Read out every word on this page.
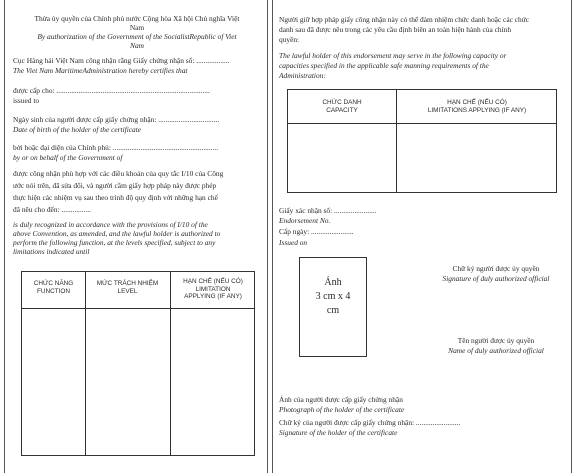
Thừa ủy quyền của Chính phủ nước Cộng hòa Xã hội Chủ nghĩa Việt
Nam
By authorization of the Government of the SocialistRepublic of Viet
Nam
Cục Hàng hải Việt Nam công nhận rằng Giấy chứng nhận số: ..................
The Viet Nam MaritimeAdministration hereby certifies that
được cấp cho: ...................................................................................
issued to
Ngày sinh của người được cấp giấy chứng nhận: .................................
Date of birth of the holder of the certificate
bởi hoặc đại diện của Chính phủ: .........................................................
by or on behalf of the Government of
được công nhận phù hợp với các điều khoản của quy tắc I/10 của Công
ước nói trên, đã sửa đổi, và người cầm giấy hợp pháp này được phép
thực hiện các nhiệm vụ sau theo trình độ quy định với những hạn chế
đã nêu cho đến: ................
is duly recognized in accordance with the provisions of I/10 of the
above Convention, as amended, and the lawful holder is authorized to
perform the following function, at the levels specified, subject to any
limitations indicated until
CHỨC NĂNG
FUNCTION
MỨC TRÁCH NHIỆM
LEVEL
HẠN CHẾ (NẾU CÓ)
LIMITATION
APPLYING (IF ANY)
Người giữ hợp pháp giấy công nhận này có thể đảm nhiệm chức danh hoặc các chức
danh sau đã được nêu trong các yêu cầu định biên an toàn hiện hành của chính
quyền:
The lawful holder of this endorsement may serve in the following capacity or
capacities specified in the applicable safe manning requirements of the
Administration:
CHỨC DANH
CAPACITY
HẠN CHẾ (NẾU CÓ)
LIMITATIONS APPLYING (IF ANY)
Giấy xác nhận số: .......................
Endorsement No.
Cấp ngày: .......................
Issued on
Ảnh
3 cm x 4
cm
Chữ ký người được ủy quyền
Signature of duly authorized official
Tên người được ủy quyền
Name of duly authorized official
Ảnh của người được cấp giấy chứng nhận
Photograph of the holder of the certificate
Chữ ký của người được cấp giấy chứng nhận: ........................
Signature of the holder of the certificate
